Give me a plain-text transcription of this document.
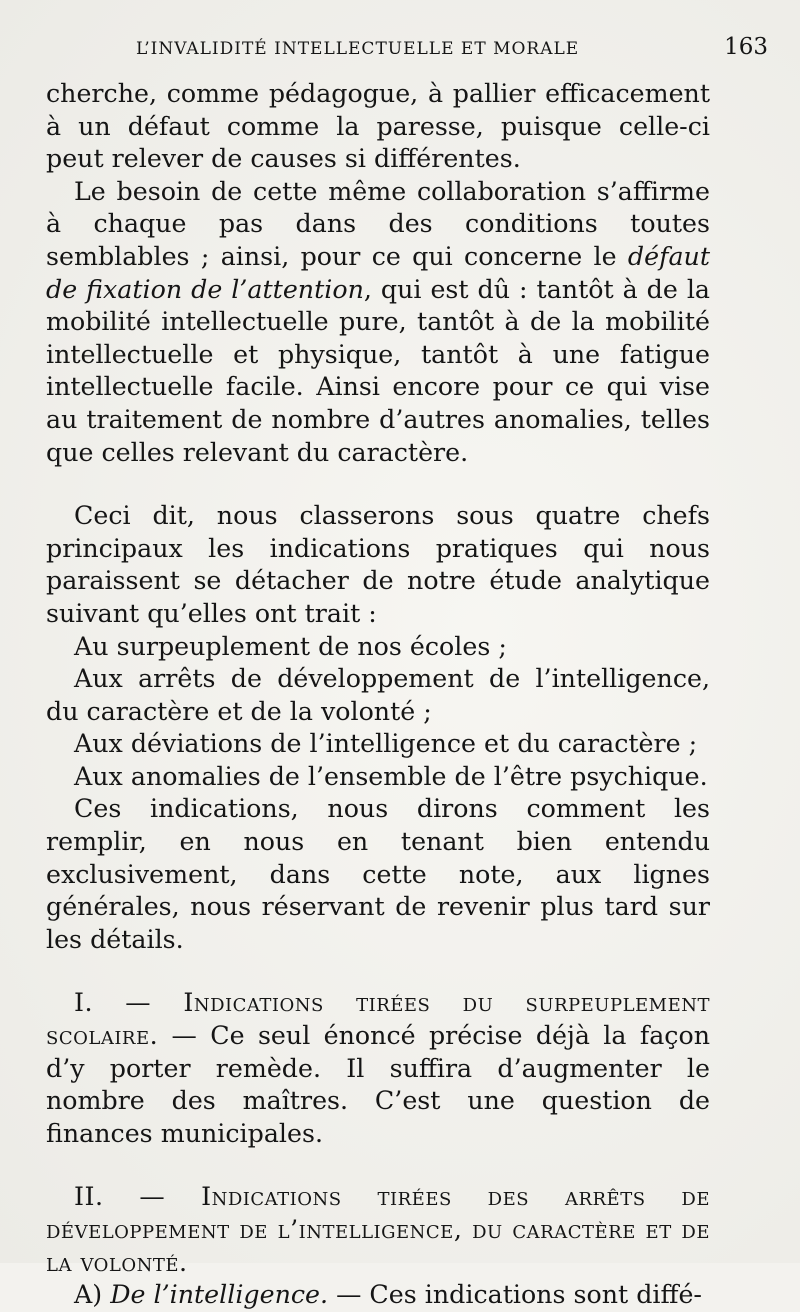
L’INVALIDITÉ INTELLECTUELLE ET MORALE	163

cherche, comme pédagogue, à pallier efficacement à un défaut comme la paresse, puisque celle-ci peut relever de causes si différentes.

Le besoin de cette même collaboration s’affirme à chaque pas dans des conditions toutes semblables ; ainsi, pour ce qui concerne le défaut de fixation de l’attention, qui est dû : tantôt à de la mobilité intellectuelle pure, tantôt à de la mobilité intellectuelle et physique, tantôt à une fatigue intellectuelle facile. Ainsi encore pour ce qui vise au traitement de nombre d’autres anomalies, telles que celles relevant du caractère.

Ceci dit, nous classerons sous quatre chefs principaux les indications pratiques qui nous paraissent se détacher de notre étude analytique suivant qu’elles ont trait :

Au surpeuplement de nos écoles ;

Aux arrêts de développement de l’intelligence, du caractère et de la volonté ;

Aux déviations de l’intelligence et du caractère ;

Aux anomalies de l’ensemble de l’être psychique.

Ces indications, nous dirons comment les remplir, en nous en tenant bien entendu exclusivement, dans cette note, aux lignes générales, nous réservant de revenir plus tard sur les détails.

I. — Indications tirées du surpeuplement scolaire. — Ce seul énoncé précise déjà la façon d’y porter remède. Il suffira d’augmenter le nombre des maîtres. C’est une question de finances municipales.

II. — Indications tirées des arrêts de développement de l’intelligence, du caractère et de la volonté.

A) De l’intelligence. — Ces indications sont diffé-
